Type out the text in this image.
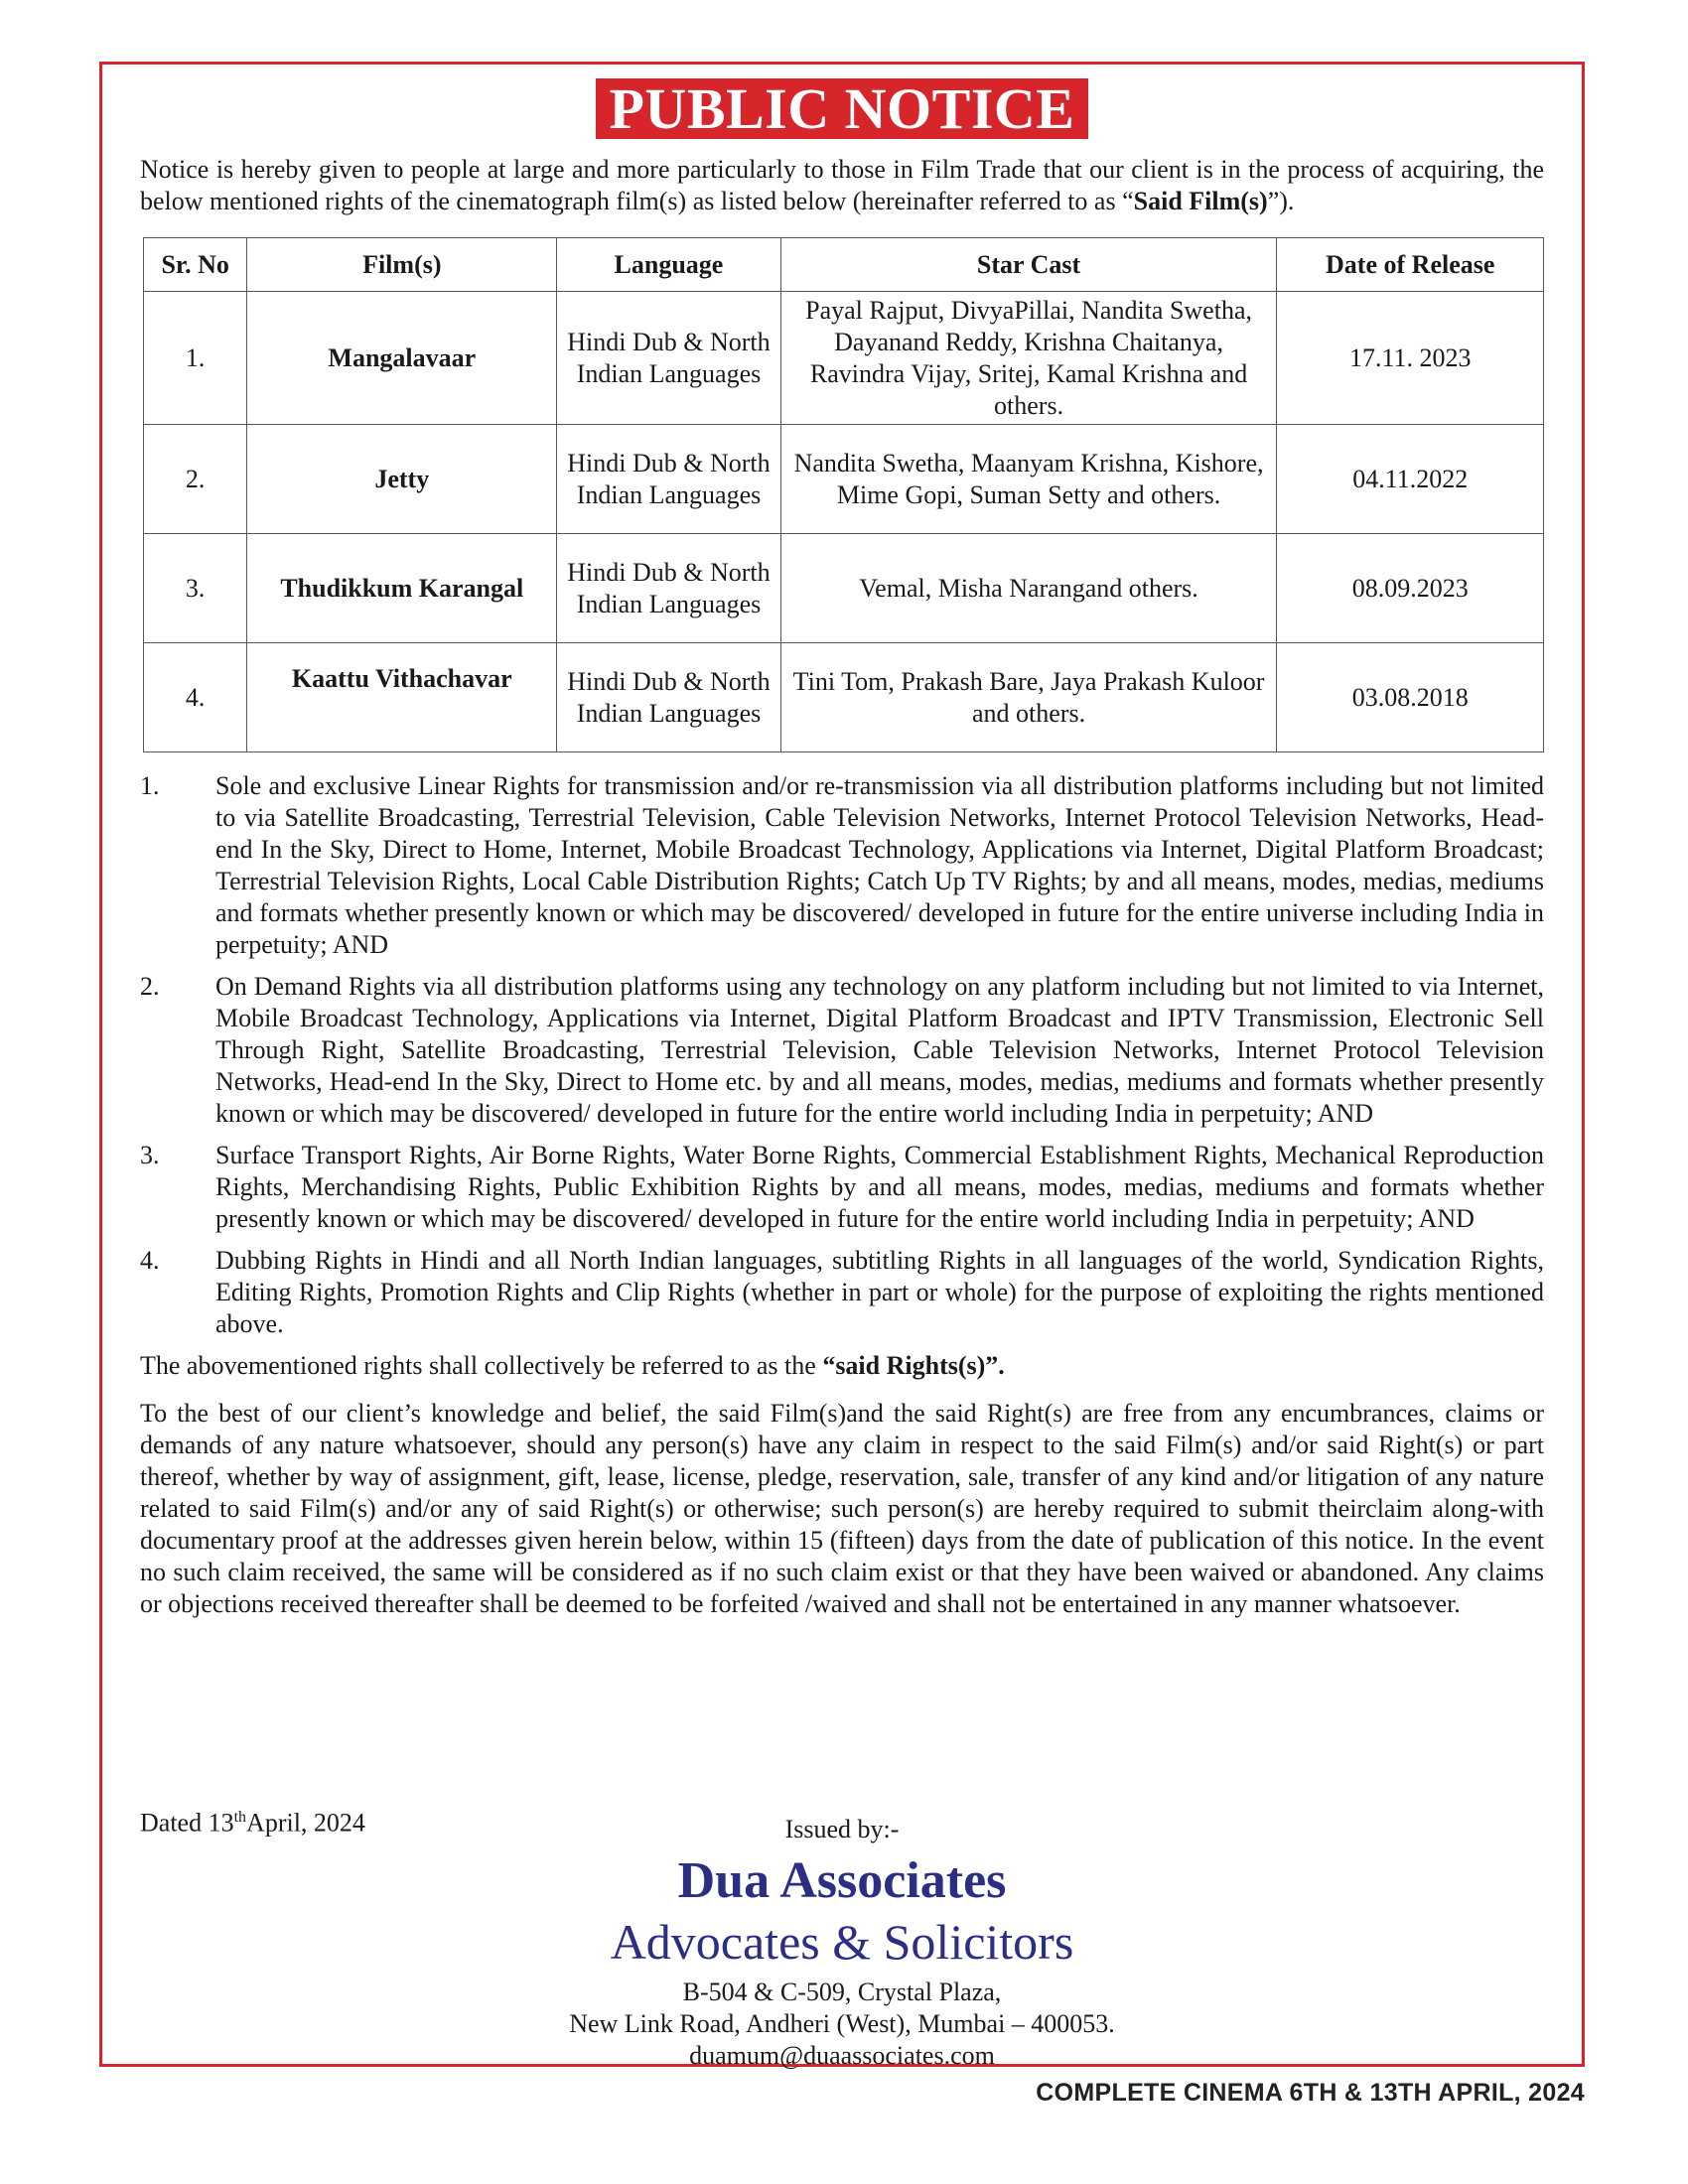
PUBLIC NOTICE

Notice is hereby given to people at large and more particularly to those in Film Trade that our client is in the process of acquiring, the below mentioned rights of the cinematograph film(s) as listed below (hereinafter referred to as “Said Film(s)”).

Sr. No	Film(s)	Language	Star Cast	Date of Release
1.	Mangalavaar	Hindi Dub & North Indian Languages	Payal Rajput, DivyaPillai, Nandita Swetha, Dayanand Reddy, Krishna Chaitanya, Ravindra Vijay, Sritej, Kamal Krishna and others.	17.11. 2023
2.	Jetty	Hindi Dub & North Indian Languages	Nandita Swetha, Maanyam Krishna, Kishore, Mime Gopi, Suman Setty and others.	04.11.2022
3.	Thudikkum Karangal	Hindi Dub & North Indian Languages	Vemal, Misha Narangand others.	08.09.2023
4.	Kaattu Vithachavar	Hindi Dub & North Indian Languages	Tini Tom, Prakash Bare, Jaya Prakash Kuloor and others.	03.08.2018
1.	Sole and exclusive Linear Rights for transmission and/or re-transmission via all distribution platforms including but not limited to via Satellite Broadcasting, Terrestrial Television, Cable Television Networks, Internet Protocol Television Networks, Head-end In the Sky, Direct to Home, Internet, Mobile Broadcast Technology, Applications via Internet, Digital Platform Broadcast; Terrestrial Television Rights, Local Cable Distribution Rights; Catch Up TV Rights; by and all means, modes, medias, mediums and formats whether presently known or which may be discovered/ developed in future for the entire universe including India in perpetuity; AND
2.	On Demand Rights via all distribution platforms using any technology on any platform including but not limited to via Internet, Mobile Broadcast Technology, Applications via Internet, Digital Platform Broadcast and IPTV Transmission, Electronic Sell Through Right, Satellite Broadcasting, Terrestrial Television, Cable Television Networks, Internet Protocol Television Networks, Head-end In the Sky, Direct to Home etc. by and all means, modes, medias, mediums and formats whether presently known or which may be discovered/ developed in future for the entire world including India in perpetuity; AND
3.	Surface Transport Rights, Air Borne Rights, Water Borne Rights, Commercial Establishment Rights, Mechanical Reproduction Rights, Merchandising Rights, Public Exhibition Rights by and all means, modes, medias, mediums and formats whether presently known or which may be discovered/ developed in future for the entire world including India in perpetuity; AND
4.	Dubbing Rights in Hindi and all North Indian languages, subtitling Rights in all languages of the world, Syndication Rights, Editing Rights, Promotion Rights and Clip Rights (whether in part or whole) for the purpose of exploiting the rights mentioned above.

The abovementioned rights shall collectively be referred to as the “said Rights(s)”.

To the best of our client’s knowledge and belief, the said Film(s)and the said Right(s) are free from any encumbrances, claims or demands of any nature whatsoever, should any person(s) have any claim in respect to the said Film(s) and/or said Right(s) or part thereof, whether by way of assignment, gift, lease, license, pledge, reservation, sale, transfer of any kind and/or litigation of any nature related to said Film(s) and/or any of said Right(s) or otherwise; such person(s) are hereby required to submit theirclaim along-with documentary proof at the addresses given herein below, within 15 (fifteen) days from the date of publication of this notice. In the event no such claim received, the same will be considered as if no such claim exist or that they have been waived or abandoned. Any claims or objections received thereafter shall be deemed to be forfeited /waived and shall not be entertained in any manner whatsoever.

Dated 13thApril, 2024	Issued by:-
Dua Associates
Advocates & Solicitors
B-504 & C-509, Crystal Plaza,
New Link Road, Andheri (West), Mumbai – 400053.
duamum@duaassociates.com
COMPLETE CINEMA 6TH & 13TH APRIL, 2024
